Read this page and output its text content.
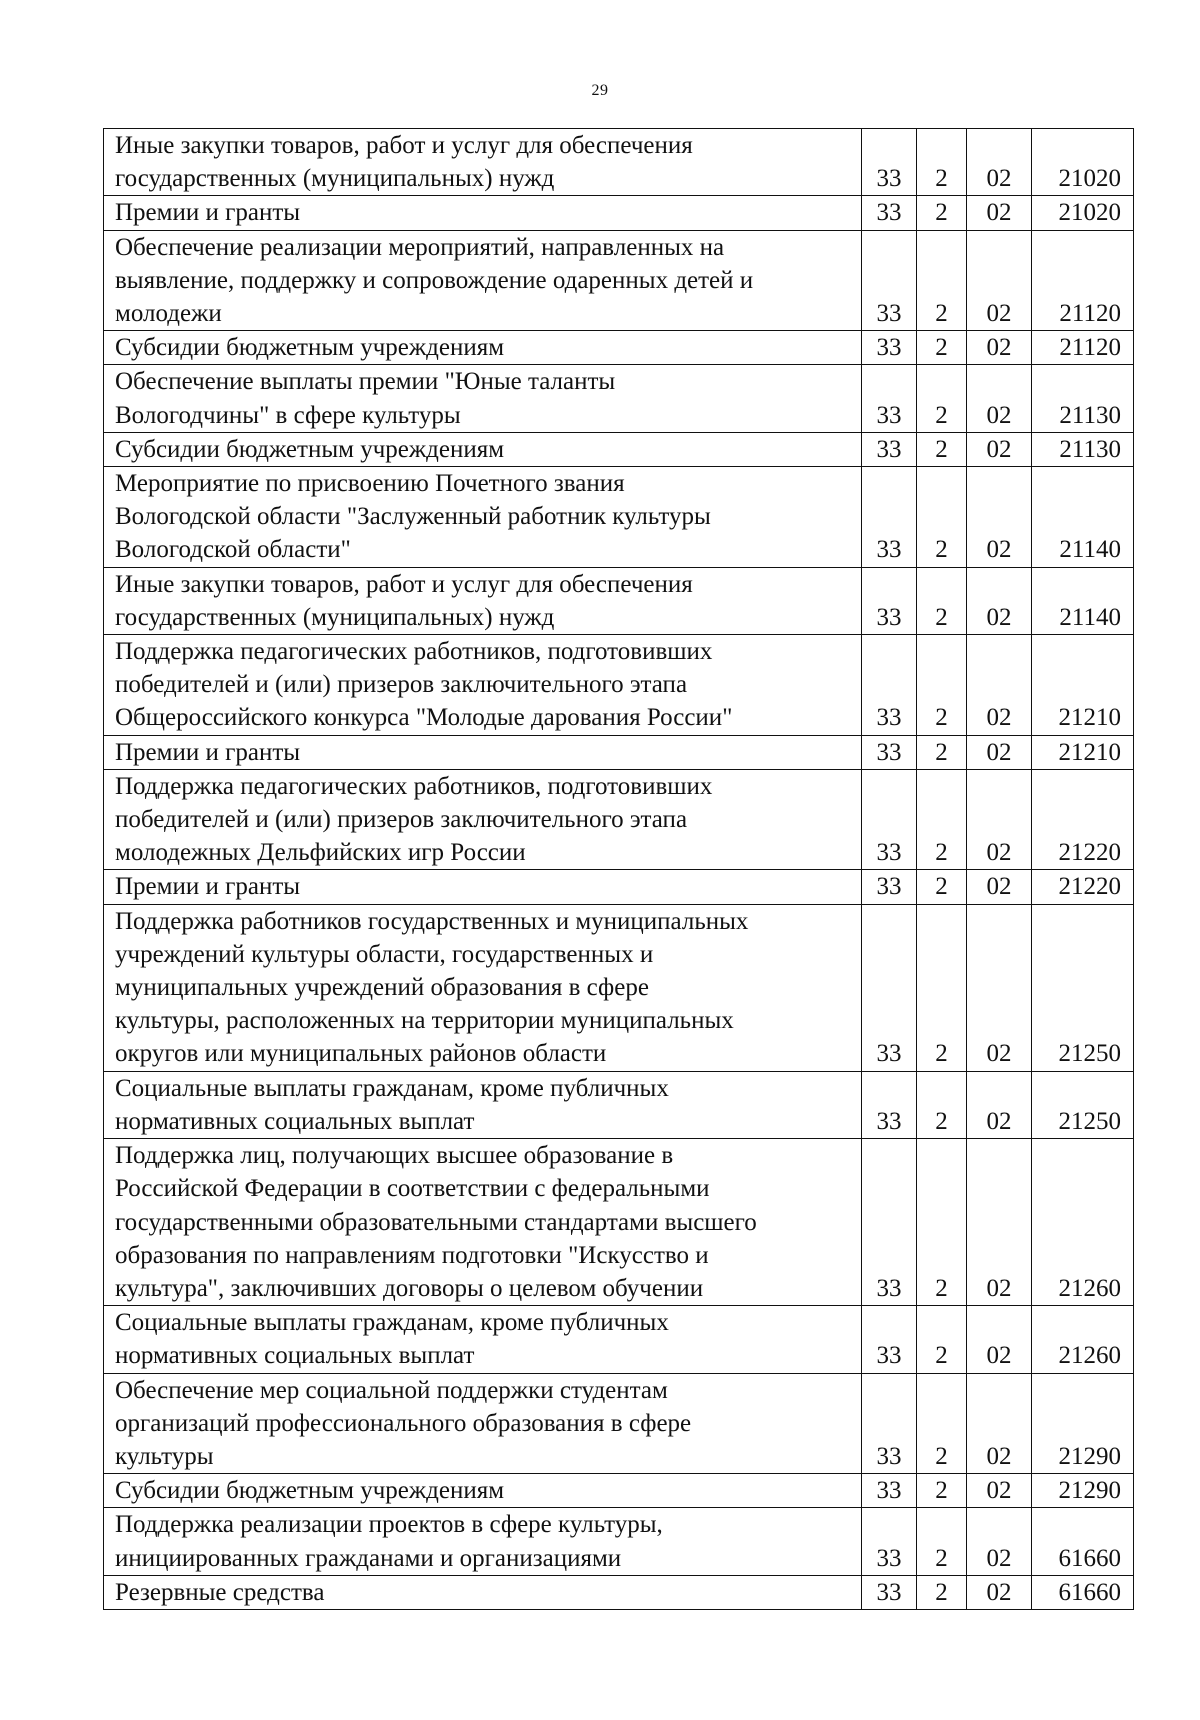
29
Иные закупки товаров, работ и услуг для обеспечения
государственных (муниципальных) нужд	33	2	02	21020
Премии и гранты	33	2	02	21020
Обеспечение реализации мероприятий, направленных на
выявление, поддержку и сопровождение одаренных детей и
молодежи	33	2	02	21120
Субсидии бюджетным учреждениям	33	2	02	21120
Обеспечение выплаты премии "Юные таланты
Вологодчины" в сфере культуры	33	2	02	21130
Субсидии бюджетным учреждениям	33	2	02	21130
Мероприятие по присвоению Почетного звания
Вологодской области "Заслуженный работник культуры
Вологодской области"	33	2	02	21140
Иные закупки товаров, работ и услуг для обеспечения
государственных (муниципальных) нужд	33	2	02	21140
Поддержка педагогических работников, подготовивших
победителей и (или) призеров заключительного этапа
Общероссийского конкурса "Молодые дарования России"	33	2	02	21210
Премии и гранты	33	2	02	21210
Поддержка педагогических работников, подготовивших
победителей и (или) призеров заключительного этапа
молодежных Дельфийских игр России	33	2	02	21220
Премии и гранты	33	2	02	21220
Поддержка работников государственных и муниципальных
учреждений культуры области, государственных и
муниципальных учреждений образования в сфере
культуры, расположенных на территории муниципальных
округов или муниципальных районов области	33	2	02	21250
Социальные выплаты гражданам, кроме публичных
нормативных социальных выплат	33	2	02	21250
Поддержка лиц, получающих высшее образование в
Российской Федерации в соответствии с федеральными
государственными образовательными стандартами высшего
образования по направлениям подготовки "Искусство и
культура", заключивших договоры о целевом обучении	33	2	02	21260
Социальные выплаты гражданам, кроме публичных
нормативных социальных выплат	33	2	02	21260
Обеспечение мер социальной поддержки студентам
организаций профессионального образования в сфере
культуры	33	2	02	21290
Субсидии бюджетным учреждениям	33	2	02	21290
Поддержка реализации проектов в сфере культуры,
инициированных гражданами и организациями	33	2	02	61660
Резервные средства	33	2	02	61660
